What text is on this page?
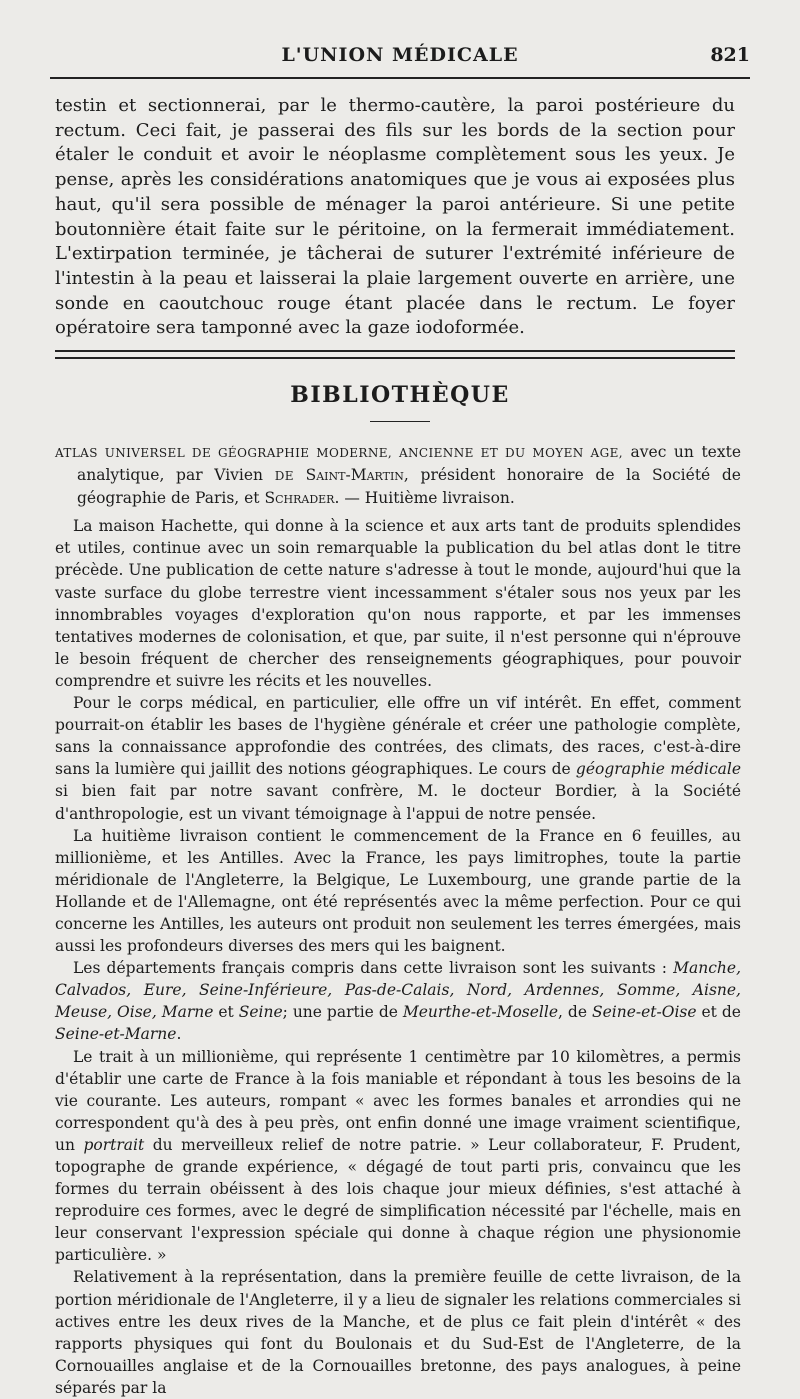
L'UNION MÉDICALE	821

testin et sectionnerai, par le thermo-cautère, la paroi postérieure du rectum. Ceci fait, je passerai des fils sur les bords de la section pour étaler le conduit et avoir le néoplasme complètement sous les yeux. Je pense, après les considérations anatomiques que je vous ai exposées plus haut, qu'il sera possible de ménager la paroi antérieure. Si une petite boutonnière était faite sur le péritoine, on la fermerait immédiatement. L'extirpation terminée, je tâcherai de suturer l'extrémité inférieure de l'intestin à la peau et laisserai la plaie largement ouverte en arrière, une sonde en caoutchouc rouge étant placée dans le rectum. Le foyer opératoire sera tamponné avec la gaze iodoformée.

BIBLIOTHÈQUE

ATLAS UNIVERSEL DE GÉOGRAPHIE MODERNE, ANCIENNE ET DU MOYEN AGE, avec un texte analytique, par Vivien DE Saint-Martin, président honoraire de la Société de géographie de Paris, et Schrader. — Huitième livraison.

La maison Hachette, qui donne à la science et aux arts tant de produits splendides et utiles, continue avec un soin remarquable la publication du bel atlas dont le titre précède. Une publication de cette nature s'adresse à tout le monde, aujourd'hui que la vaste surface du globe terrestre vient incessamment s'étaler sous nos yeux par les innombrables voyages d'exploration qu'on nous rapporte, et par les immenses tentatives modernes de colonisation, et que, par suite, il n'est personne qui n'éprouve le besoin fréquent de chercher des renseignements géographiques, pour pouvoir comprendre et suivre les récits et les nouvelles.

Pour le corps médical, en particulier, elle offre un vif intérêt. En effet, comment pourrait-on établir les bases de l'hygiène générale et créer une pathologie complète, sans la connaissance approfondie des contrées, des climats, des races, c'est-à-dire sans la lumière qui jaillit des notions géographiques. Le cours de géographie médicale si bien fait par notre savant confrère, M. le docteur Bordier, à la Société d'anthropologie, est un vivant témoignage à l'appui de notre pensée.

La huitième livraison contient le commencement de la France en 6 feuilles, au millionième, et les Antilles. Avec la France, les pays limitrophes, toute la partie méridionale de l'Angleterre, la Belgique, Le Luxembourg, une grande partie de la Hollande et de l'Allemagne, ont été représentés avec la même perfection. Pour ce qui concerne les Antilles, les auteurs ont produit non seulement les terres émergées, mais aussi les profondeurs diverses des mers qui les baignent.

Les départements français compris dans cette livraison sont les suivants : Manche, Calvados, Eure, Seine-Inférieure, Pas-de-Calais, Nord, Ardennes, Somme, Aisne, Meuse, Oise, Marne et Seine; une partie de Meurthe-et-Moselle, de Seine-et-Oise et de Seine-et-Marne.

Le trait à un millionième, qui représente 1 centimètre par 10 kilomètres, a permis d'établir une carte de France à la fois maniable et répondant à tous les besoins de la vie courante. Les auteurs, rompant « avec les formes banales et arrondies qui ne correspondent qu'à des à peu près, ont enfin donné une image vraiment scientifique, un portrait du merveilleux relief de notre patrie. » Leur collaborateur, F. Prudent, topographe de grande expérience, « dégagé de tout parti pris, convaincu que les formes du terrain obéissent à des lois chaque jour mieux définies, s'est attaché à reproduire ces formes, avec le degré de simplification nécessité par l'échelle, mais en leur conservant l'expression spéciale qui donne à chaque région une physionomie particulière. »

Relativement à la représentation, dans la première feuille de cette livraison, de la portion méridionale de l'Angleterre, il y a lieu de signaler les relations commerciales si actives entre les deux rives de la Manche, et de plus ce fait plein d'intérêt « des rapports physiques qui font du Boulonais et du Sud-Est de l'Angleterre, de la Cornouailles anglaise et de la Cornouailles bretonne, des pays analogues, à peine séparés par la
